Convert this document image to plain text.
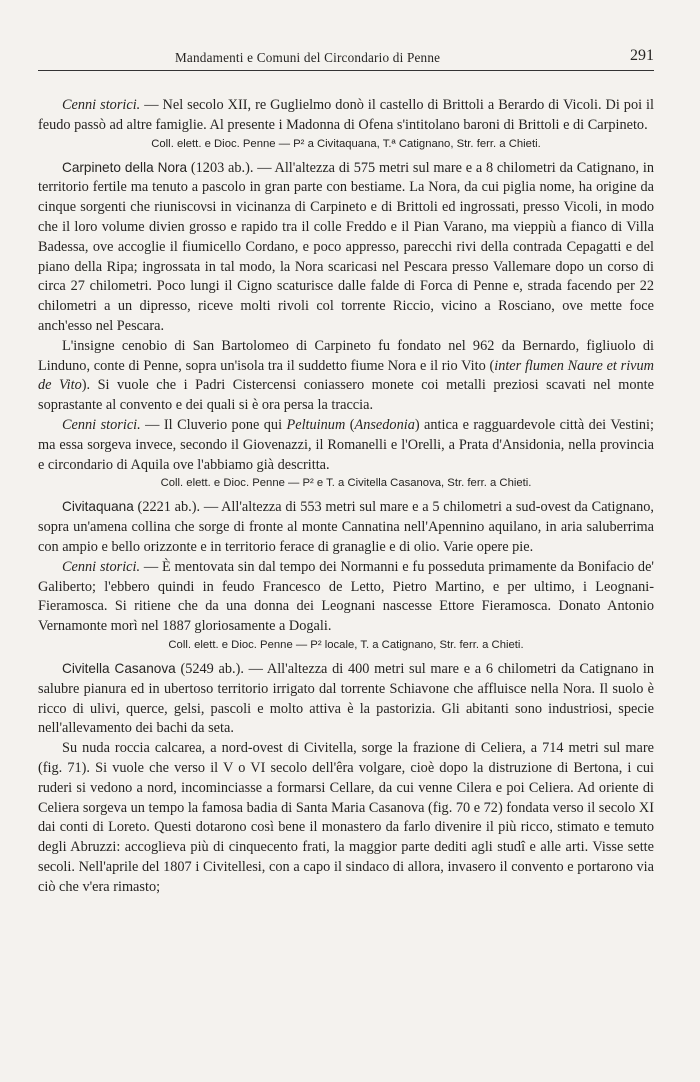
Mandamenti e Comuni del Circondario di Penne	291

Cenni storici. — Nel secolo XII, re Guglielmo donò il castello di Brittoli a Berardo di Vicoli. Di poi il feudo passò ad altre famiglie. Al presente i Madonna di Ofena s'intitolano baroni di Brittoli e di Carpineto.

Coll. elett. e Dioc. Penne — P² a Civitaquana, T.ª Catignano, Str. ferr. a Chieti.

Carpineto della Nora (1203 ab.). — All'altezza di 575 metri sul mare e a 8 chilometri da Catignano, in territorio fertile ma tenuto a pascolo in gran parte con bestiame. La Nora, da cui piglia nome, ha origine da cinque sorgenti che riuniscονsi in vicinanza di Carpineto e di Brittoli ed ingrossati, presso Vicoli, in modo che il loro volume divien grosso e rapido tra il colle Freddo e il Pian Varano, ma vieppiù a fianco di Villa Badessa, ove accoglie il fiumicello Cordano, e poco appresso, parecchi rivi della contrada Cepagatti e del piano della Ripa; ingrossata in tal modo, la Nora scaricasi nel Pescara presso Vallemare dopo un corso di circa 27 chilometri. Poco lungi il Cigno scaturisce dalle falde di Forca di Penne e, strada facendo per 22 chilometri a un dipresso, riceve molti rivoli col torrente Riccio, vicino a Rosciano, ove mette foce anch'esso nel Pescara.

L'insigne cenobio di San Bartolomeo di Carpineto fu fondato nel 962 da Bernardo, figliuolo di Linduno, conte di Penne, sopra un'isola tra il suddetto fiume Nora e il rio Vito (inter flumen Naure et rivum de Vito). Si vuole che i Padri Cistercensi coniassero monete coi metalli preziosi scavati nel monte soprastante al convento e dei quali si è ora persa la traccia.

Cenni storici. — Il Cluverio pone qui Peltuinum (Ansedonia) antica e ragguardevole città dei Vestini; ma essa sorgeva invece, secondo il Giovenazzi, il Romanelli e l'Orelli, a Prata d'Ansidonia, nella provincia e circondario di Aquila ove l'abbiamo già descritta.

Coll. elett. e Dioc. Penne — P² e T. a Civitella Casanova, Str. ferr. a Chieti.

Civitaquana (2221 ab.). — All'altezza di 553 metri sul mare e a 5 chilometri a sud-ovest da Catignano, sopra un'amena collina che sorge di fronte al monte Cannatina nell'Apennino aquilano, in aria saluberrima con ampio e bello orizzonte e in territorio ferace di granaglie e di olio. Varie opere pie.

Cenni storici. — È mentovata sin dal tempo dei Normanni e fu posseduta primamente da Bonifacio de' Galiberto; l'ebbero quindi in feudo Francesco de Letto, Pietro Martino, e per ultimo, i Leognani-Fieramosca. Si ritiene che da una donna dei Leognani nascesse Ettore Fieramosca. Donato Antonio Vernamonte morì nel 1887 gloriosamente a Dogali.

Coll. elett. e Dioc. Penne — P² locale, T. a Catignano, Str. ferr. a Chieti.

Civitella Casanova (5249 ab.). — All'altezza di 400 metri sul mare e a 6 chilometri da Catignano in salubre pianura ed in ubertoso territorio irrigato dal torrente Schiavone che affluisce nella Nora. Il suolo è ricco di ulivi, querce, gelsi, pascoli e molto attiva è la pastorizia. Gli abitanti sono industriosi, specie nell'allevamento dei bachi da seta.

Su nuda roccia calcarea, a nord-ovest di Civitella, sorge la frazione di Celiera, a 714 metri sul mare (fig. 71). Si vuole che verso il V o VI secolo dell'êra volgare, cioè dopo la distruzione di Bertona, i cui ruderi si vedono a nord, incominciasse a formarsi Cellare, da cui venne Cilera e poi Celiera. Ad oriente di Celiera sorgeva un tempo la famosa badia di Santa Maria Casanova (fig. 70 e 72) fondata verso il secolo XI dai conti di Loreto. Questi dotarono così bene il monastero da farlo divenire il più ricco, stimato e temuto degli Abruzzi: accoglieva più di cinquecento frati, la maggior parte dediti agli studî e alle arti. Visse sette secoli. Nell'aprile del 1807 i Civitellesi, con a capo il sindaco di allora, invasero il convento e portarono via ciò che v'era rimasto;
